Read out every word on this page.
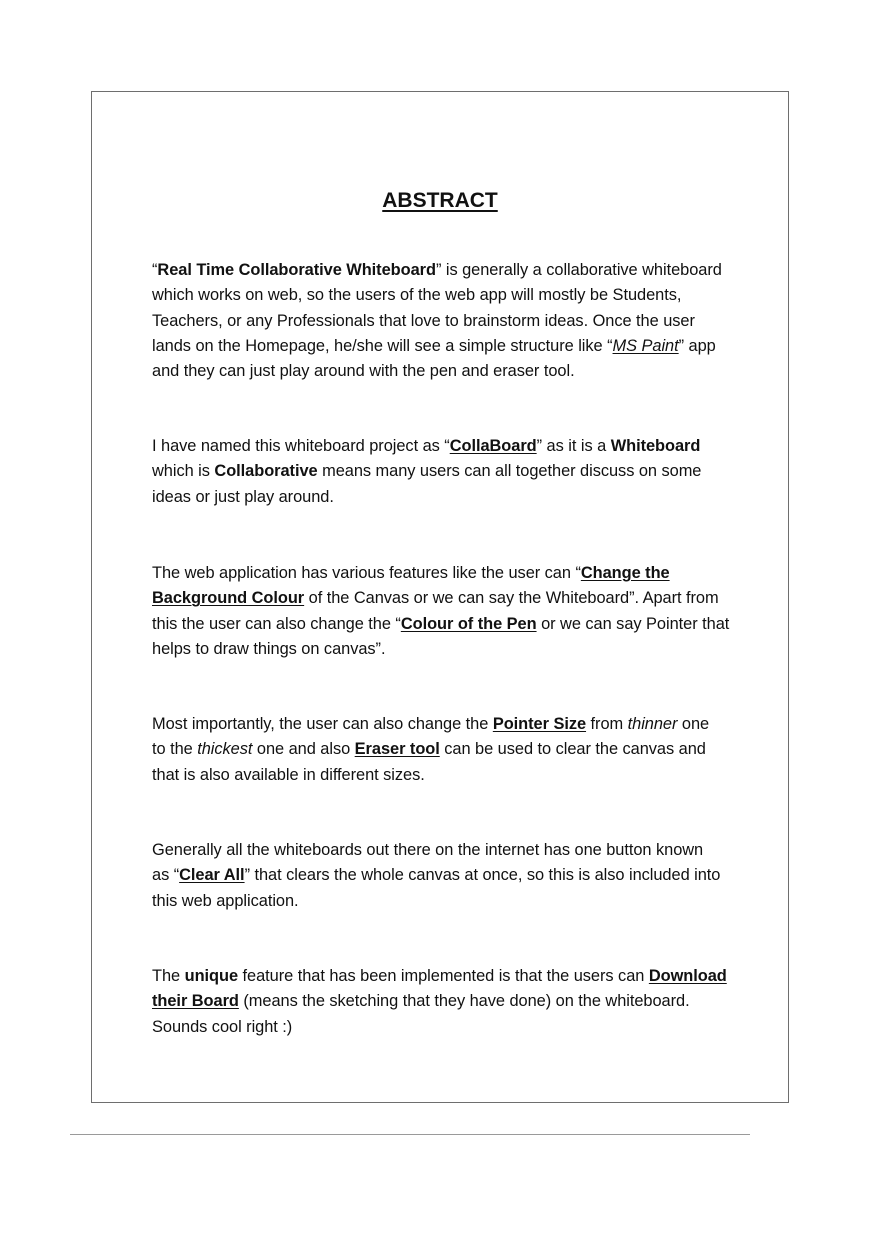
ABSTRACT

“Real Time Collaborative Whiteboard” is generally a collaborative whiteboard
which works on web, so the users of the web app will mostly be Students,
Teachers, or any Professionals that love to brainstorm ideas. Once the user
lands on the Homepage, he/she will see a simple structure like “MS Paint” app
and they can just play around with the pen and eraser tool.

I have named this whiteboard project as “CollaBoard” as it is a Whiteboard
which is Collaborative means many users can all together discuss on some
ideas or just play around.

The web application has various features like the user can “Change the
Background Colour of the Canvas or we can say the Whiteboard”. Apart from
this the user can also change the “Colour of the Pen or we can say Pointer that
helps to draw things on canvas”.

Most importantly, the user can also change the Pointer Size from thinner one
to the thickest one and also Eraser tool can be used to clear the canvas and
that is also available in different sizes.

Generally all the whiteboards out there on the internet has one button known
as “Clear All” that clears the whole canvas at once, so this is also included into
this web application.

The unique feature that has been implemented is that the users can Download
their Board (means the sketching that they have done) on the whiteboard.
Sounds cool right :)
